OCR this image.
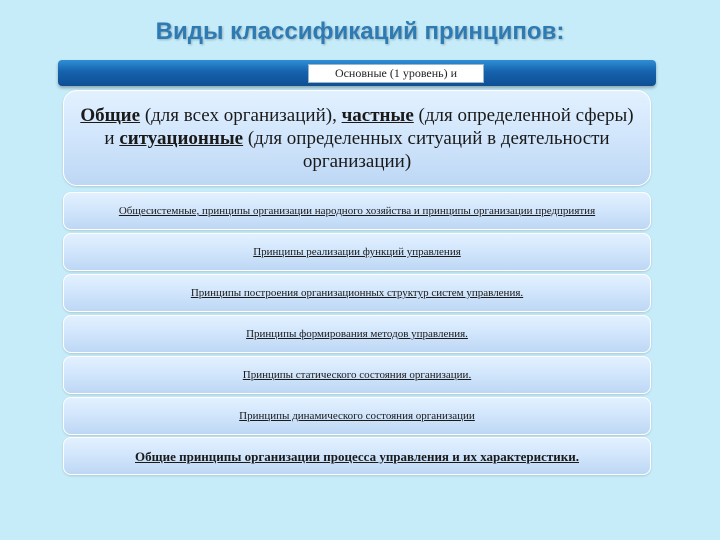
Виды классификаций принципов:
Основные (1 уровень) и
Общие (для всех организаций), частные (для определенной сферы) и ситуационные (для определенных ситуаций в деятельности организации)
Общесистемные, принципы организации народного хозяйства и принципы организации предприятия
Принципы реализации функций управления
Принципы построения организационных структур систем управления.
Принципы формирования методов управления.
Принципы статического состояния организации.
Принципы динамического состояния организации
Общие принципы организации процесса управления и их характеристики.
